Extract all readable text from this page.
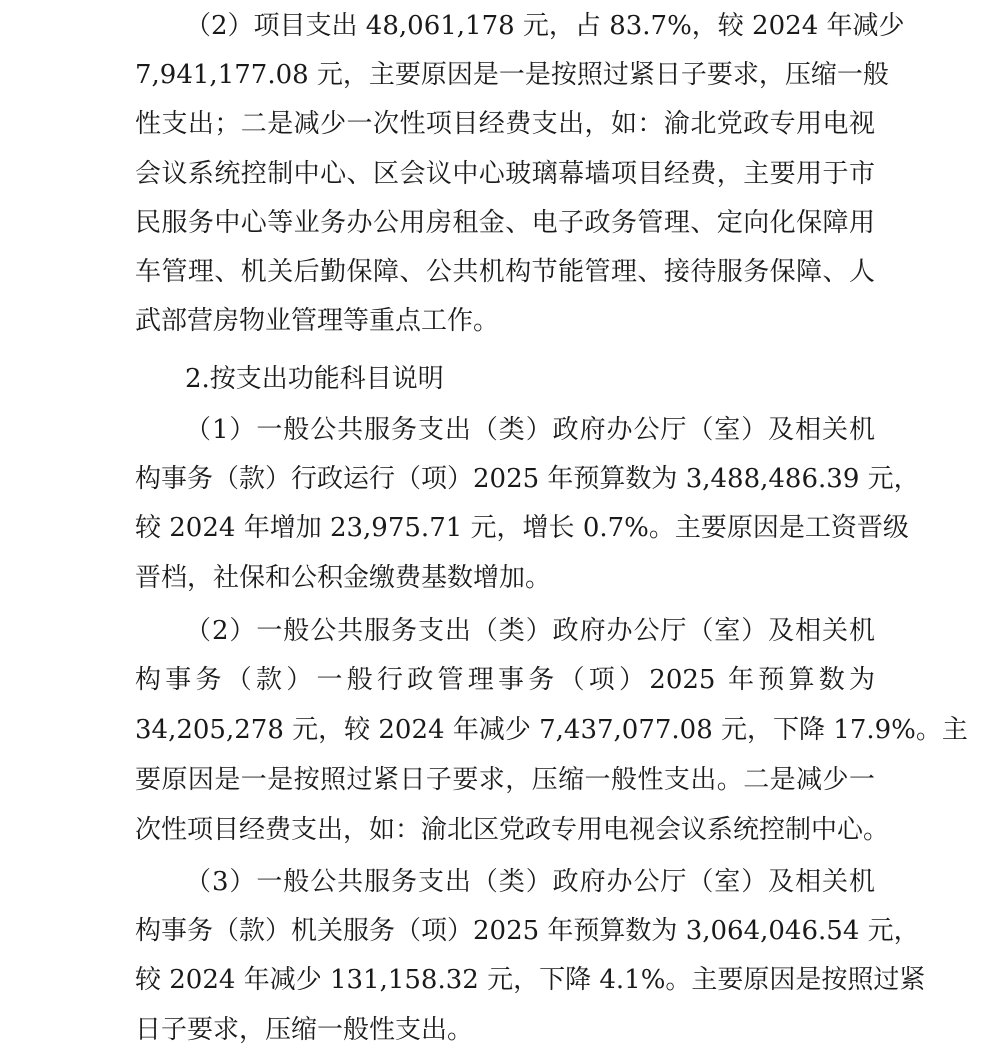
（2）项目支出 48,061,178 元，占 83.7%，较 2024 年减少
7,941,177.08 元，主要原因是一是按照过紧日子要求，压缩一般
性支出；二是减少一次性项目经费支出，如：渝北党政专用电视
会议系统控制中心、区会议中心玻璃幕墙项目经费，主要用于市
民服务中心等业务办公用房租金、电子政务管理、定向化保障用
车管理、机关后勤保障、公共机构节能管理、接待服务保障、人
武部营房物业管理等重点工作。
2.按支出功能科目说明
（1）一般公共服务支出（类）政府办公厅（室）及相关机
构事务（款）行政运行（项）2025 年预算数为 3,488,486.39 元，
较 2024 年增加 23,975.71 元，增长 0.7%。主要原因是工资晋级
晋档，社保和公积金缴费基数增加。
（2）一般公共服务支出（类）政府办公厅（室）及相关机
构事务（款）一般行政管理事务（项）2025 年预算数为
34,205,278 元，较 2024 年减少 7,437,077.08 元，下降 17.9%。主
要原因是一是按照过紧日子要求，压缩一般性支出。二是减少一
次性项目经费支出，如：渝北区党政专用电视会议系统控制中心。
（3）一般公共服务支出（类）政府办公厅（室）及相关机
构事务（款）机关服务（项）2025 年预算数为 3,064,046.54 元，
较 2024 年减少 131,158.32 元，下降 4.1%。主要原因是按照过紧
日子要求，压缩一般性支出。
